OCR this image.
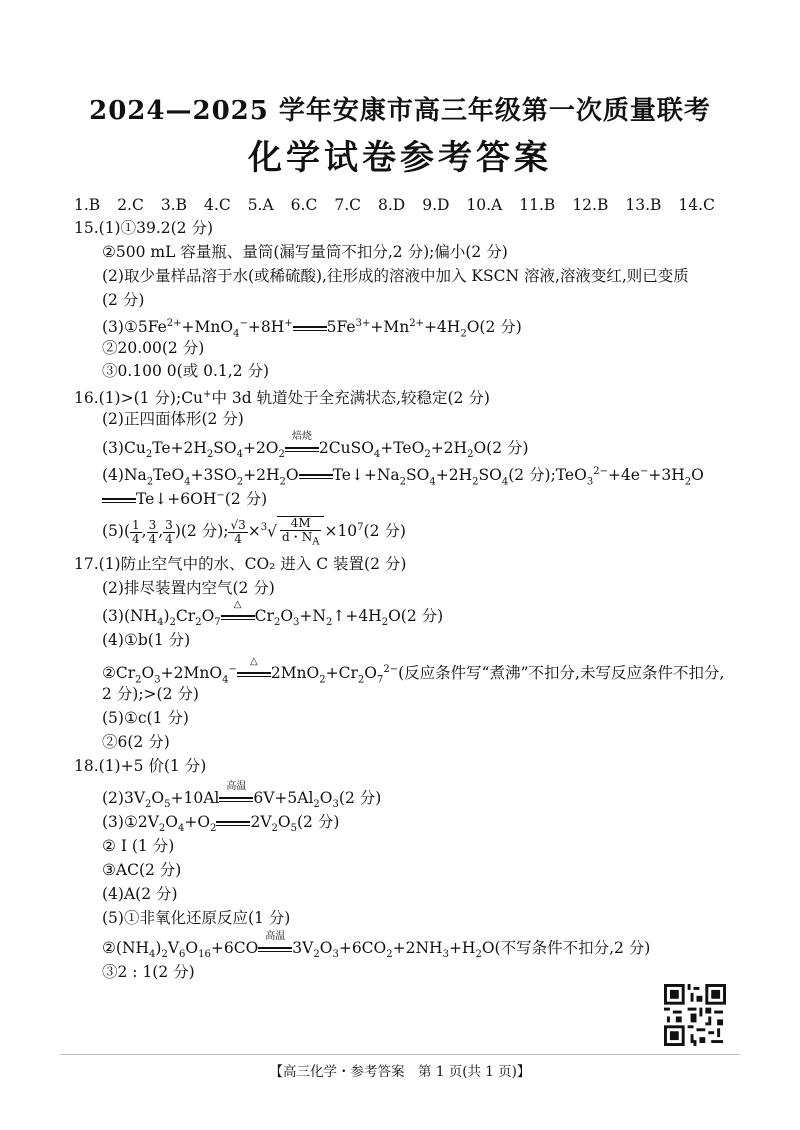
2024—2025 学年安康市高三年级第一次质量联考
化学试卷参考答案
1.B 2.C 3.B 4.C 5.A 6.C 7.C 8.D 9.D 10.A 11.B 12.B 13.B 14.C
15.(1)①39.2(2 分)
②500 mL 容量瓶、量筒(漏写量筒不扣分,2 分);偏小(2 分)
(2)取少量样品溶于水(或稀硫酸),往形成的溶液中加入 KSCN 溶液,溶液变红,则已变质
(2 分)
$(3)①5Fe^{2+}+MnO_4^-+8H^+$ $5Fe^{3+}+Mn^{2+}+4H_2O(2$ 分)
②20.00(2 分)
③0.100 0(或 0.1,2 分)
16.(1)>(1 分);Cu+中 3d 轨道处于全充满状态,较稳定(2 分)
(2)正四面体形(2 分)
$(3)Cu_2Te+2H_2SO_4+2O_2$
焙烧
$2CuSO_4+TeO_2+2H_2O(2$ 分)
$(4)Na_2TeO_4+3SO_2+2H_2O$ $Te↓+Na_2SO_4+2H_2SO_4(2$ 分)$;TeO_3^{2-}+4e^-+3H_2O$
Te↓+6OH−(2 分)
$(5)( \frac{1}{4}$ , $\frac{3}{4}$ , $\frac{3}{4} )(2$ 分); $\frac{√3}{4} \times^3√ \frac{4M}{d・N_A} \times 10^7(2$ 分)
17.(1)防止空气中的水、CO₂ 进入 C 装置(2 分)
(2)排尽装置内空气(2 分)
$(3)(NH_4)_2Cr_2O_7$
△
$Cr_2O_3+N_2↑+4H_2O(2$ 分)
(4)①b(1 分)
$②Cr_2O_3+2MnO_4^-$
△
$2MnO_2+Cr_2O_7^{2-}$(反应条件写“煮沸”不扣分,未写反应条件不扣分,
2 分);>(2 分)
(5)①c(1 分)
②6(2 分)
18.(1)+5 价(1 分)
$(2)3V_2O_5+10Al$
高温
$6V+5Al_2O_3(2$ 分)
$(3)①2V_2O_4+O_2$ $2V_2O_5(2$ 分)
② Ⅰ (1 分)
③AC(2 分)
(4)A(2 分)
(5)①非氧化还原反应(1 分)
$②(NH_4)_2V_6O_{16}+6CO$
高温
$3V_2O_3+6CO_2+2NH_3+H_2O$(不写条件不扣分,2 分)
③2 : 1(2 分)
【高三化学・参考答案　第 1 页(共 1 页)】
